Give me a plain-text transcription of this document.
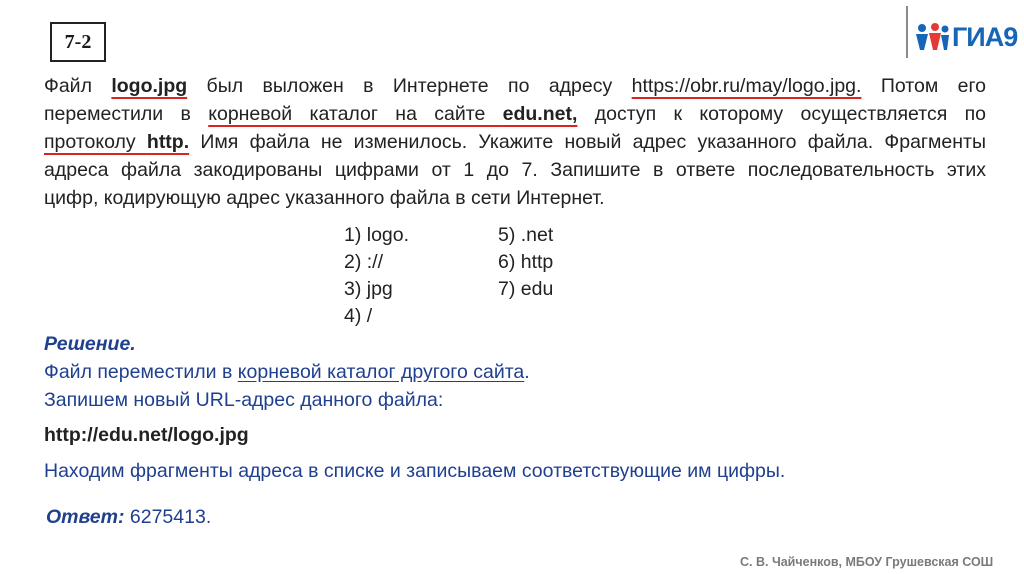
7-2	ГИА9
Файл logo.jpg был выложен в Интернете по адресу https://obr.ru/may/logo.jpg. Потом его
переместили в корневой каталог на сайте edu.net, доступ к которому осуществляется по
протоколу http. Имя файла не изменилось. Укажите новый адрес указанного файла. Фрагменты
адреса файла закодированы цифрами от 1 до 7. Запишите в ответе последовательность этих
цифр, кодирующую адрес указанного файла в сети Интернет.
1) logo.
2) ://
3) jpg
4) /
5) .net
6) http
7) edu
Решение.
Файл переместили в корневой каталог другого сайта.
Запишем новый URL-адрес данного файла:
http://edu.net/logo.jpg
Находим фрагменты адреса в списке и записываем соответствующие им цифры.
Ответ: 6275413.
С. В. Чайченков, МБОУ Грушевская СОШ
